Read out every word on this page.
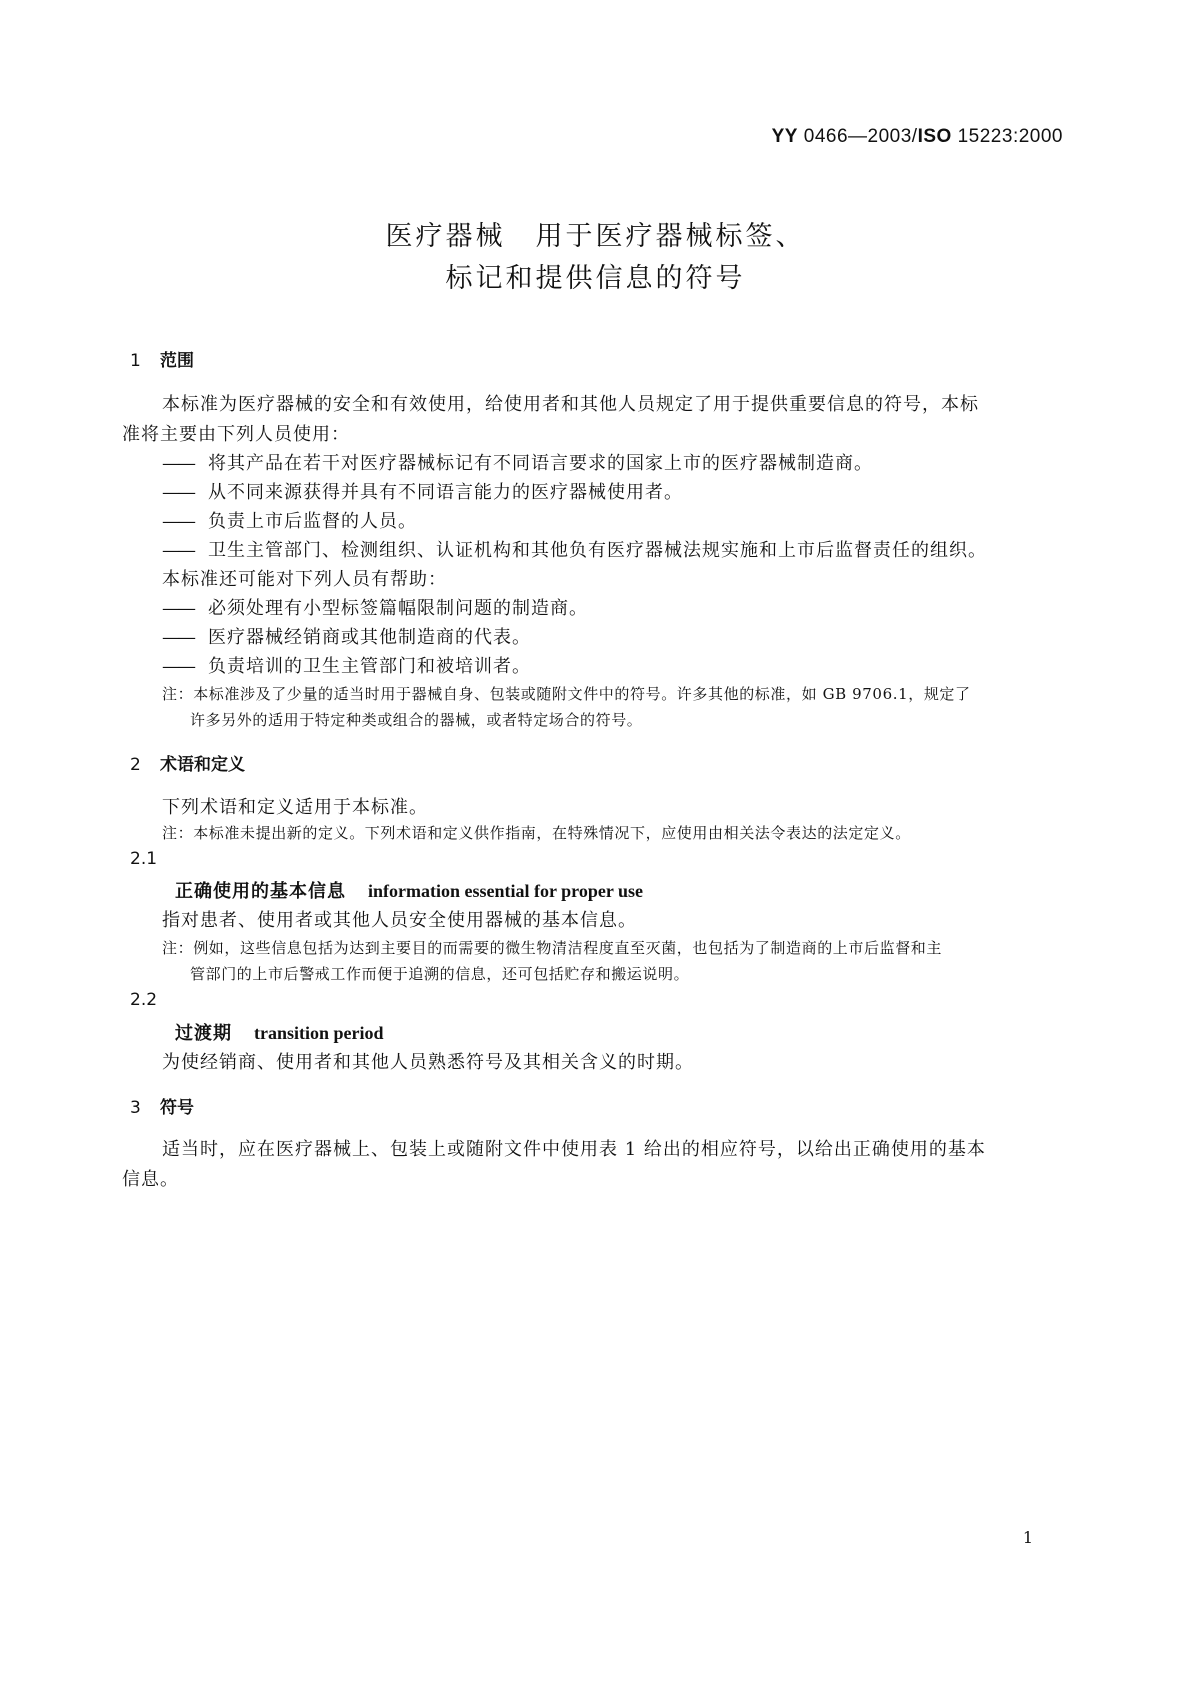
YY 0466—2003/ISO 15223:2000
医疗器械　用于医疗器械标签、
标记和提供信息的符号
1 范围
本标准为医疗器械的安全和有效使用，给使用者和其他人员规定了用于提供重要信息的符号，本标
准将主要由下列人员使用：
—— 将其产品在若干对医疗器械标记有不同语言要求的国家上市的医疗器械制造商。
—— 从不同来源获得并具有不同语言能力的医疗器械使用者。
—— 负责上市后监督的人员。
—— 卫生主管部门、检测组织、认证机构和其他负有医疗器械法规实施和上市后监督责任的组织。
本标准还可能对下列人员有帮助：
—— 必须处理有小型标签篇幅限制问题的制造商。
—— 医疗器械经销商或其他制造商的代表。
—— 负责培训的卫生主管部门和被培训者。
注：本标准涉及了少量的适当时用于器械自身、包装或随附文件中的符号。许多其他的标准，如 GB 9706.1，规定了
许多另外的适用于特定种类或组合的器械，或者特定场合的符号。
2 术语和定义
下列术语和定义适用于本标准。
注：本标准未提出新的定义。下列术语和定义供作指南，在特殊情况下，应使用由相关法令表达的法定定义。
2.1
正确使用的基本信息 information essential for proper use
指对患者、使用者或其他人员安全使用器械的基本信息。
注：例如，这些信息包括为达到主要目的而需要的微生物清洁程度直至灭菌，也包括为了制造商的上市后监督和主
管部门的上市后警戒工作而便于追溯的信息，还可包括贮存和搬运说明。
2.2
过渡期 transition period
为使经销商、使用者和其他人员熟悉符号及其相关含义的时期。
3 符号
适当时，应在医疗器械上、包装上或随附文件中使用表 1 给出的相应符号，以给出正确使用的基本
信息。
1
